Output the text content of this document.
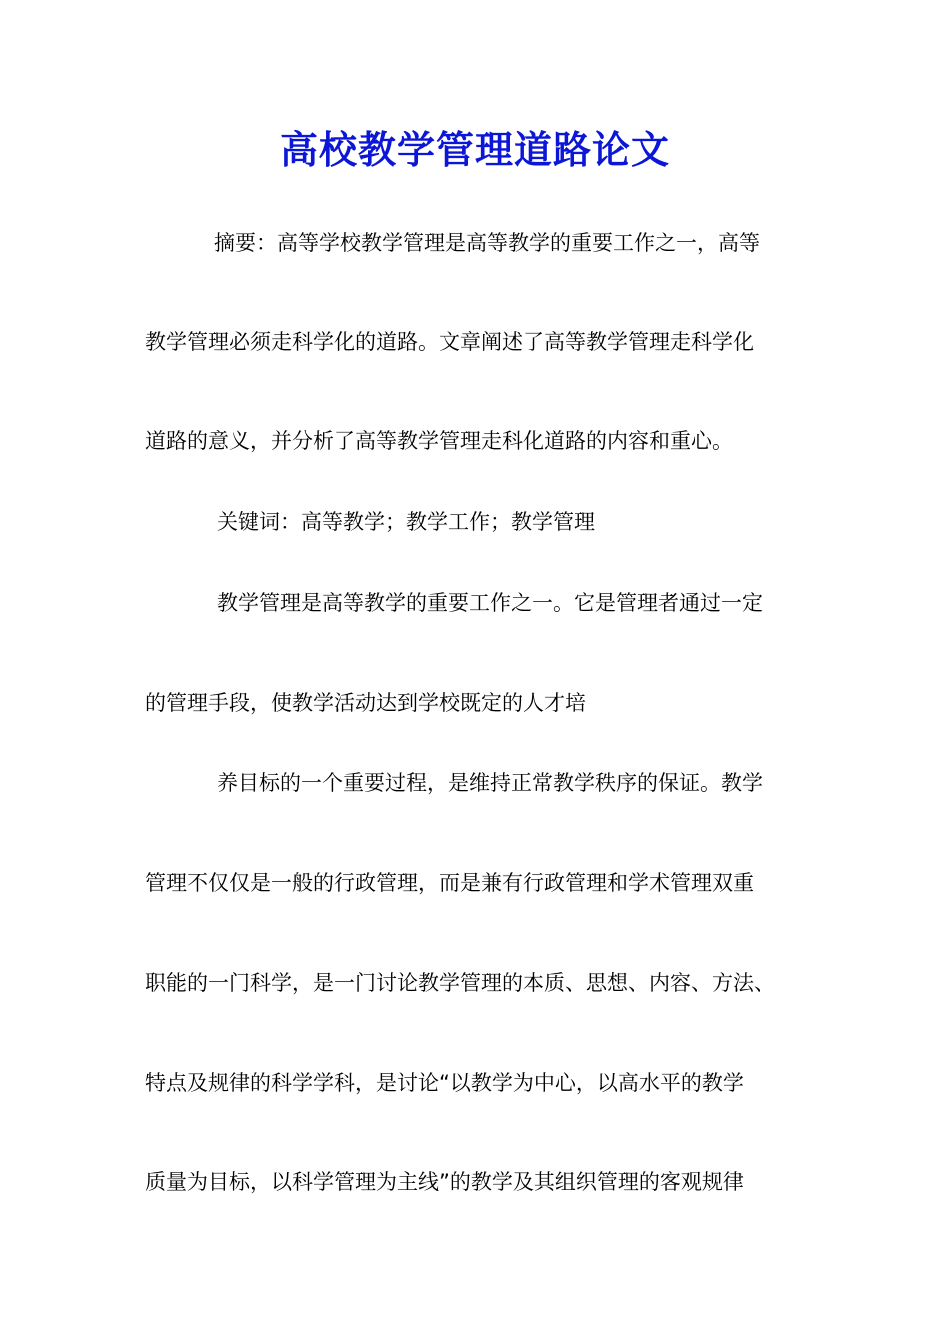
高校教学管理道路论文
摘要：高等学校教学管理是高等教学的重要工作之一，高等
教学管理必须走科学化的道路。文章阐述了高等教学管理走科学化
道路的意义，并分析了高等教学管理走科化道路的内容和重心。
关键词：高等教学；教学工作；教学管理
教学管理是高等教学的重要工作之一。它是管理者通过一定
的管理手段，使教学活动达到学校既定的人才培
养目标的一个重要过程，是维持正常教学秩序的保证。教学
管理不仅仅是一般的行政管理，而是兼有行政管理和学术管理双重
职能的一门科学，是一门讨论教学管理的本质、思想、内容、方法、
特点及规律的科学学科，是讨论“以教学为中心，以高水平的教学
质量为目标，以科学管理为主线”的教学及其组织管理的客观规律
